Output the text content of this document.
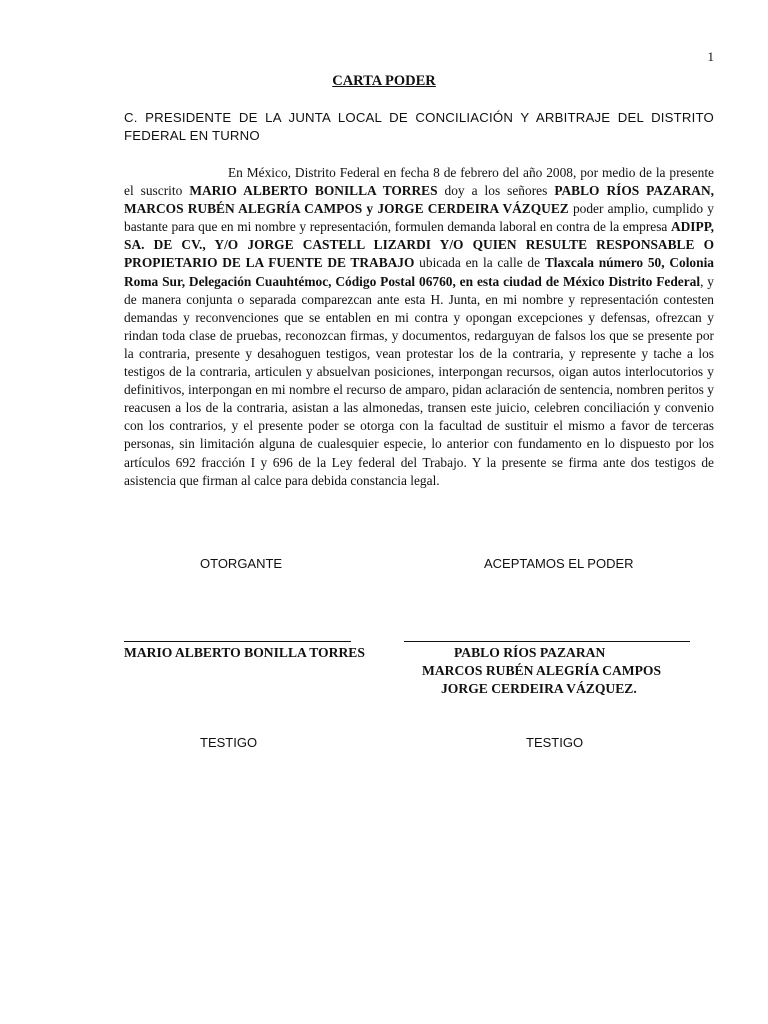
1
CARTA PODER
C. PRESIDENTE DE LA JUNTA LOCAL DE CONCILIACIÓN Y ARBITRAJE DEL DISTRITO FEDERAL EN TURNO
En México, Distrito Federal en fecha 8 de febrero del año 2008, por medio de la presente el suscrito MARIO ALBERTO BONILLA TORRES doy a los señores PABLO RÍOS PAZARAN, MARCOS RUBÉN ALEGRÍA CAMPOS y JORGE CERDEIRA VÁZQUEZ poder amplio, cumplido y bastante para que en mi nombre y representación, formulen demanda laboral en contra de la empresa ADIPP, SA. DE CV., Y/O JORGE CASTELL LIZARDI Y/O QUIEN RESULTE RESPONSABLE O PROPIETARIO DE LA FUENTE DE TRABAJO ubicada en la calle de Tlaxcala número 50, Colonia Roma Sur, Delegación Cuauhtémoc, Código Postal 06760, en esta ciudad de México Distrito Federal, y de manera conjunta o separada comparezcan ante esta H. Junta, en mi nombre y representación contesten demandas y reconvenciones que se entablen en mi contra y opongan excepciones y defensas, ofrezcan y rindan toda clase de pruebas, reconozcan firmas, y documentos, redarguyan de falsos los que se presente por la contraria, presente y desahoguen testigos, vean protestar los de la contraria, y represente y tache a los testigos de la contraria, articulen y absuelvan posiciones, interpongan recursos, oigan autos interlocutorios y definitivos, interpongan en mi nombre el recurso de amparo, pidan aclaración de sentencia, nombren peritos y reacusen a los de la contraria, asistan a las almonedas, transen este juicio, celebren conciliación y convenio con los contrarios, y el presente poder se otorga con la facultad de sustituir el mismo a favor de terceras personas, sin limitación alguna de cualesquier especie, lo anterior con fundamento en lo dispuesto por los artículos 692 fracción I y 696 de la Ley federal del Trabajo. Y la presente se firma ante dos testigos de asistencia que firman al calce para debida constancia legal.
OTORGANTE	ACEPTAMOS EL PODER
MARIO ALBERTO BONILLA TORRES	PABLO RÍOS PAZARAN
MARCOS RUBÉN ALEGRÍA CAMPOS
JORGE CERDEIRA VÁZQUEZ.
TESTIGO	TESTIGO
